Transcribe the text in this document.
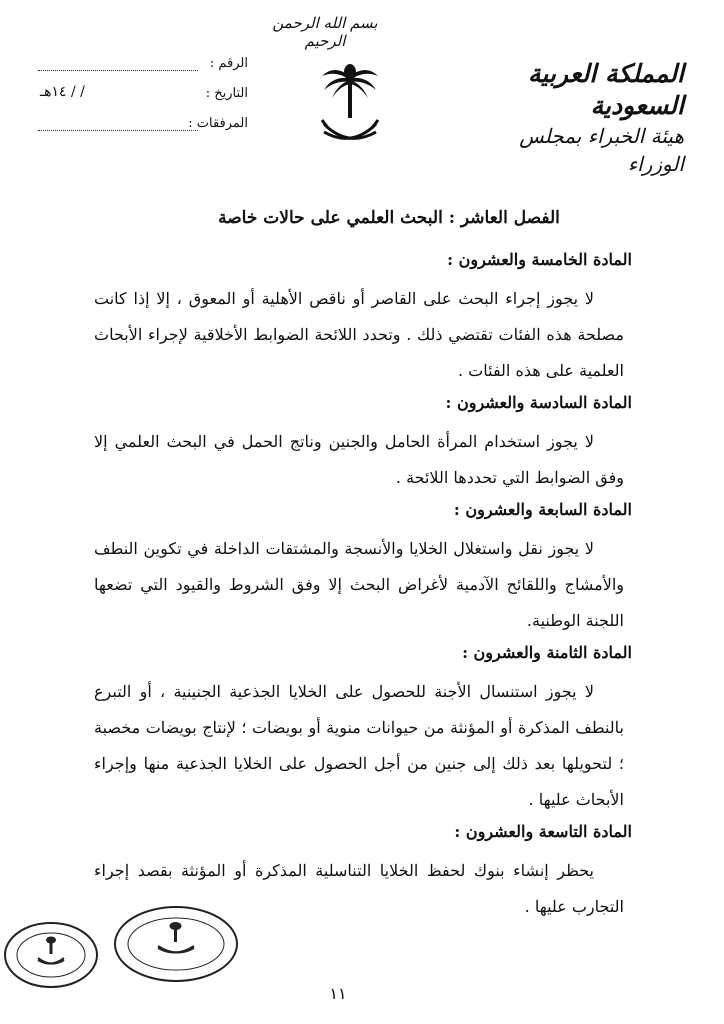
بسم الله الرحمن الرحيم
المملكة العربية السعودية
هيئة الخبراء بمجلس الوزراء
الرقم :
التاريخ :
/ / ١٤هـ
المرفقات :
الفصل العاشر : البحث العلمي على حالات خاصة
المادة الخامسة والعشرون :
لا يجوز إجراء البحث على القاصر أو ناقص الأهلية أو المعوق ، إلا إذا كانت مصلحة هذه الفئات تقتضي ذلك . وتحدد اللائحة الضوابط الأخلاقية لإجراء الأبحاث العلمية على هذه الفئات .
المادة السادسة والعشرون :
لا يجوز استخدام المرأة الحامل والجنين وناتج الحمل في البحث العلمي إلا وفق الضوابط التي تحددها اللائحة .
المادة السابعة والعشرون :
لا يجوز نقل واستغلال الخلايا والأنسجة والمشتقات الداخلة في تكوين النطف والأمشاج واللقائح الآدمية لأغراض البحث إلا وفق الشروط والقيود التي تضعها اللجنة الوطنية.
المادة الثامنة والعشرون :
لا يجوز استنسال الأجنة للحصول على الخلايا الجذعية الجنينية ، أو التبرع بالنطف المذكرة أو المؤنثة من حيوانات منوية أو بويضات ؛ لإنتاج بويضات مخصبة ؛ لتحويلها بعد ذلك إلى جنين من أجل الحصول على الخلايا الجذعية منها وإجراء الأبحاث عليها .
المادة التاسعة والعشرون :
يحظر إنشاء بنوك لحفظ الخلايا التناسلية المذكرة أو المؤنثة بقصد إجراء التجارب عليها .
١١
